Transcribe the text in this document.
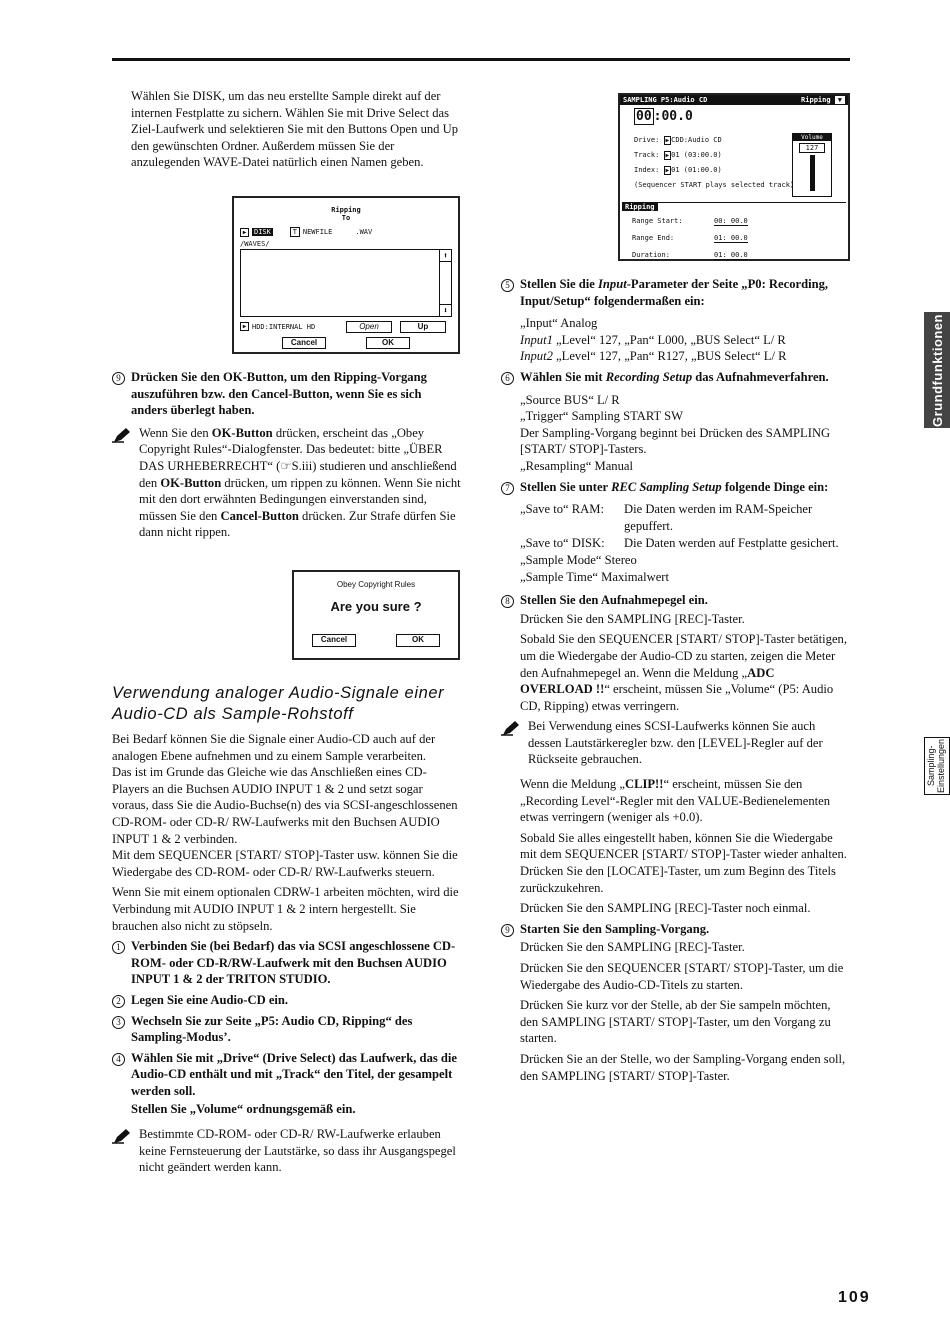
Wählen Sie DISK, um das neu erstellte Sample direkt auf der internen Festplatte zu sichern. Wählen Sie mit Drive Select das Ziel-Laufwerk und selektieren Sie mit den Buttons Open und Up den gewünschten Ordner. Außerdem müssen Sie der anzulegenden WAVE-Datei natürlich einen Namen geben.

Ripping
To
▶	DISK	T NEWFILE	.WAV
/WAVES/
⬆
⬇
▶ HDD:INTERNAL HD	Open	Up
Cancel	OK
9 Drücken Sie den OK-Button, um den Ripping-Vorgang auszuführen bzw. den Cancel-Button, wenn Sie es sich anders überlegt haben.
Wenn Sie den OK-Button drücken, erscheint das „Obey Copyright Rules“-Dialogfenster. Das bedeutet: bitte „ÜBER DAS URHEBERRECHT“ (☞S.iii) studieren und anschließend den OK-Button drücken, um rippen zu können. Wenn Sie nicht mit den dort erwähnten Bedingungen einverstanden sind, müssen Sie den Cancel-Button drücken. Zur Strafe dürfen Sie dann nicht rippen.
Obey Copyright Rules
Are you sure ?
Cancel	OK
Verwendung analoger Audio-Signale einer Audio-CD als Sample-Rohstoff

Bei Bedarf können Sie die Signale einer Audio-CD auch auf der analogen Ebene aufnehmen und zu einem Sample verarbeiten.

Das ist im Grunde das Gleiche wie das Anschließen eines CD-Players an die Buchsen AUDIO INPUT 1 & 2 und setzt sogar voraus, dass Sie die Audio-Buchse(n) des via SCSI-angeschlossenen CD-ROM- oder CD-R/ RW-Laufwerks mit den Buchsen AUDIO INPUT 1 & 2 verbinden.

Mit dem SEQUENCER [START/ STOP]-Taster usw. können Sie die Wiedergabe des CD-ROM- oder CD-R/ RW-Laufwerks steuern.

Wenn Sie mit einem optionalen CDRW-1 arbeiten möchten, wird die Verbindung mit AUDIO INPUT 1 & 2 intern hergestellt. Sie brauchen also nicht zu stöpseln.

1 Verbinden Sie (bei Bedarf) das via SCSI angeschlossene CD-ROM- oder CD-R/RW-Laufwerk mit den Buchsen AUDIO INPUT 1 & 2 der TRITON STUDIO.
2 Legen Sie eine Audio-CD ein.
3 Wechseln Sie zur Seite „P5: Audio CD, Ripping“ des Sampling-Modus’.
4 Wählen Sie mit „Drive“ (Drive Select) das Laufwerk, das die Audio-CD enthält und mit „Track“ den Titel, der gesampelt werden soll.

Stellen Sie „Volume“ ordnungsgemäß ein.

Bestimmte CD-ROM- oder CD-R/ RW-Laufwerke erlauben keine Fernsteuerung der Lautstärke, so dass ihr Ausgangspegel nicht geändert werden kann.
SAMPLING P5:Audio CD	Ripping ▼
00 :00.0
Drive: ▶ CDD:Audio CD
Track: ▶ 01 (03:00.0)
Index: ▶ 01 (01:00.0)
(Sequencer START plays selected track)
Volume
127
Ripping
Range Start:	00: 00.0
Range End:	01: 00.0
Duration:	01: 00.0
5 Stellen Sie die Input-Parameter der Seite „P0: Recording, Input/Setup“ folgendermaßen ein:
„Input“ Analog
Input1 „Level“ 127, „Pan“ L000, „BUS Select“ L/ R
Input2 „Level“ 127, „Pan“ R127, „BUS Select“ L/ R
6 Wählen Sie mit Recording Setup das Aufnahmeverfahren.
„Source BUS“ L/ R
„Trigger“ Sampling START SW
Der Sampling-Vorgang beginnt bei Drücken des SAMPLING [START/ STOP]-Tasters.
„Resampling“ Manual
7 Stellen Sie unter REC Sampling Setup folgende Dinge ein:
„Save to“ RAM:	Die Daten werden im RAM-Speicher gepuffert.
„Save to“ DISK:	Die Daten werden auf Festplatte gesichert.
„Sample Mode“ Stereo
„Sample Time“ Maximalwert
8 Stellen Sie den Aufnahmepegel ein.

Drücken Sie den SAMPLING [REC]-Taster.

Sobald Sie den SEQUENCER [START/ STOP]-Taster betätigen, um die Wiedergabe der Audio-CD zu starten, zeigen die Meter den Aufnahmepegel an. Wenn die Meldung „ADC OVERLOAD !!“ erscheint, müssen Sie „Volume“ (P5: Audio CD, Ripping) etwas verringern.

Bei Verwendung eines SCSI-Laufwerks können Sie auch dessen Lautstärkeregler bzw. den [LEVEL]-Regler auf der Rückseite gebrauchen.

Wenn die Meldung „CLIP!!“ erscheint, müssen Sie den „Recording Level“-Regler mit den VALUE-Bedienelementen etwas verringern (weniger als +0.0).

Sobald Sie alles eingestellt haben, können Sie die Wiedergabe mit dem SEQUENCER [START/ STOP]-Taster wieder anhalten. Drücken Sie den [LOCATE]-Taster, um zum Beginn des Titels zurückzukehren.

Drücken Sie den SAMPLING [REC]-Taster noch einmal.

9 Starten Sie den Sampling-Vorgang.

Drücken Sie den SAMPLING [REC]-Taster.

Drücken Sie den SEQUENCER [START/ STOP]-Taster, um die Wiedergabe des Audio-CD-Titels zu starten.

Drücken Sie kurz vor der Stelle, ab der Sie sampeln möchten, den SAMPLING [START/ STOP]-Taster, um den Vorgang zu starten.

Drücken Sie an der Stelle, wo der Sampling-Vorgang enden soll, den SAMPLING [START/ STOP]-Taster.

Grundfunktionen
Sampling-Einstellungen
109
